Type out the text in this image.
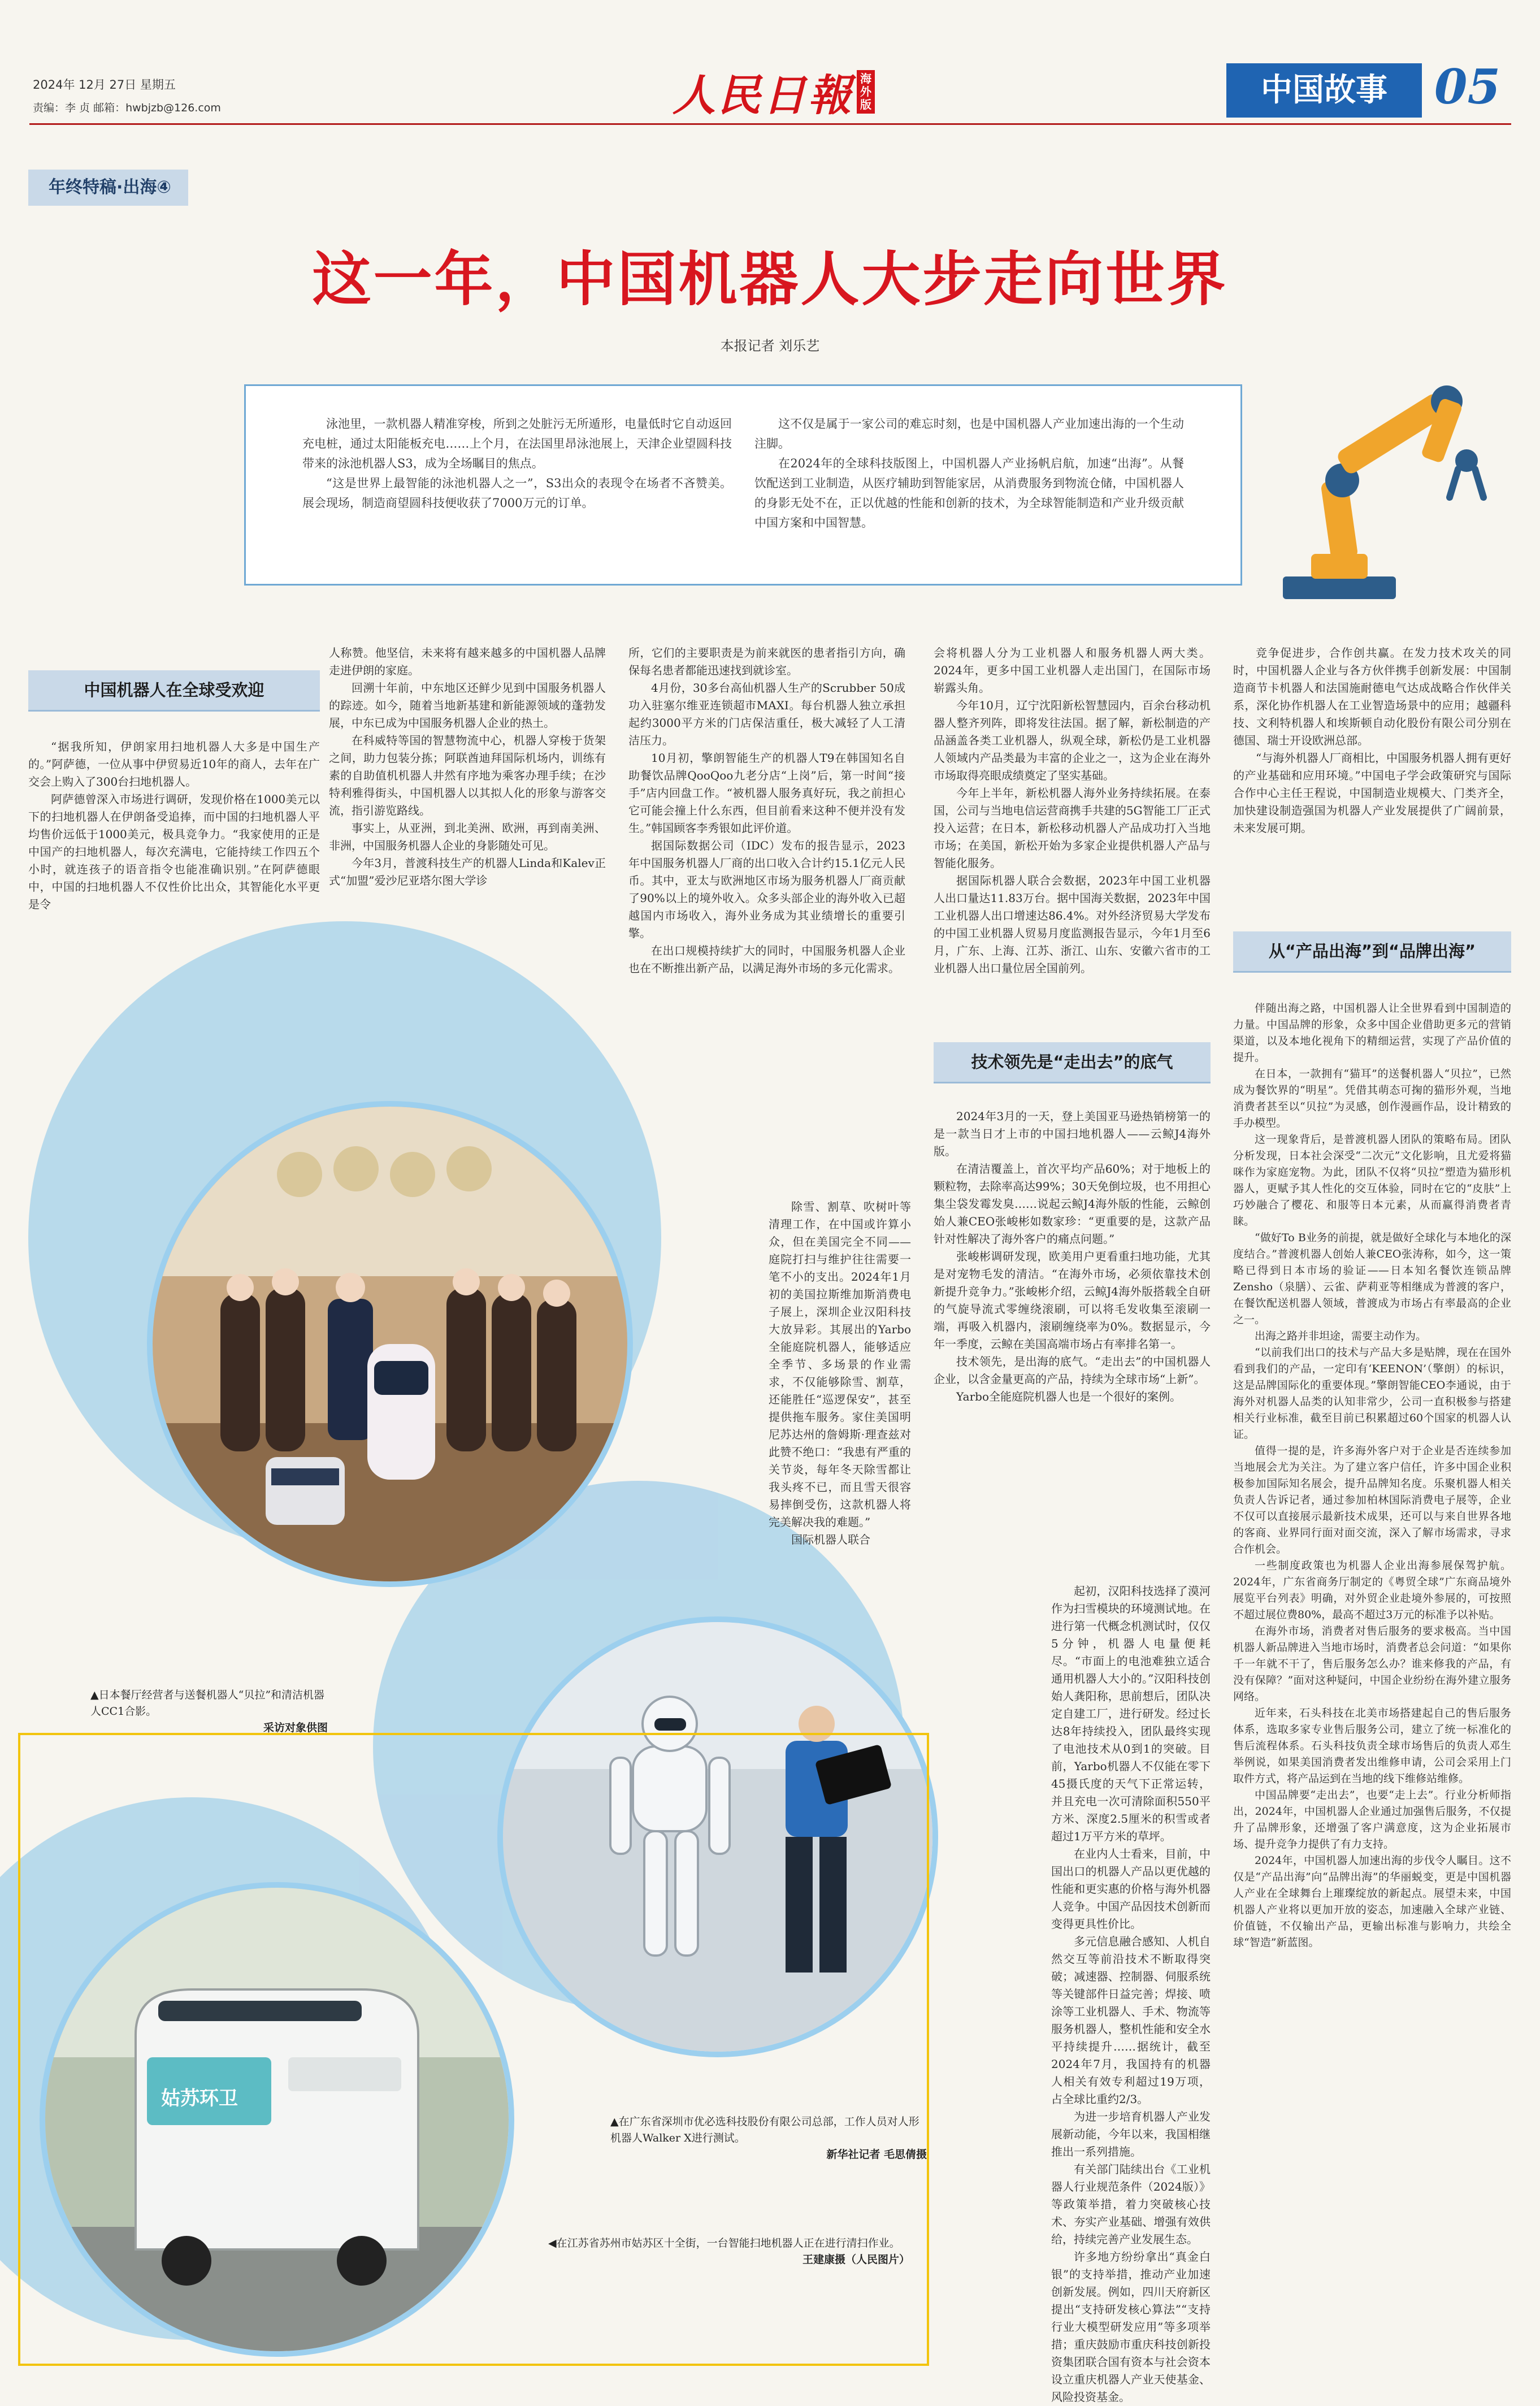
2024年 12月 27日 星期五
责编：李 贞 邮箱：hwbjzb@126.com	人民日報 海外版	中国故事 05
年终特稿·出海④
这一年，中国机器人大步走向世界
本报记者 刘乐艺

泳池里，一款机器人精准穿梭，所到之处脏污无所遁形，电量低时它自动返回充电桩，通过太阳能板充电……上个月，在法国里昂泳池展上，天津企业望圆科技带来的泳池机器人S3，成为全场瞩目的焦点。

“这是世界上最智能的泳池机器人之一”，S3出众的表现令在场者不吝赞美。展会现场，制造商望圆科技便收获了7000万元的订单。

这不仅是属于一家公司的难忘时刻，也是中国机器人产业加速出海的一个生动注脚。

在2024年的全球科技版图上，中国机器人产业扬帆启航，加速“出海”。从餐饮配送到工业制造，从医疗辅助到智能家居，从消费服务到物流仓储，中国机器人的身影无处不在，正以优越的性能和创新的技术，为全球智能制造和产业升级贡献中国方案和中国智慧。

姑苏环卫
▲日本餐厅经营者与送餐机器人“贝拉”和清洁机器人CC1合影。
采访对象供图
▲在广东省深圳市优必选科技股份有限公司总部，工作人员对人形机器人Walker X进行测试。
新华社记者 毛思倩摄
◀在江苏省苏州市姑苏区十全街，一台智能扫地机器人正在进行清扫作业。
王建康摄（人民图片）
中国机器人在全球受欢迎

“据我所知，伊朗家用扫地机器人大多是中国生产的。”阿萨德，一位从事中伊贸易近10年的商人，去年在广交会上购入了300台扫地机器人。

阿萨德曾深入市场进行调研，发现价格在1000美元以下的扫地机器人在伊朗备受追捧，而中国的扫地机器人平均售价远低于1000美元，极具竞争力。“我家使用的正是中国产的扫地机器人，每次充满电，它能持续工作四五个小时，就连孩子的语音指令也能准确识别。”在阿萨德眼中，中国的扫地机器人不仅性价比出众，其智能化水平更是令

人称赞。他坚信，未来将有越来越多的中国机器人品牌走进伊朗的家庭。

回溯十年前，中东地区还鲜少见到中国服务机器人的踪迹。如今，随着当地新基建和新能源领域的蓬勃发展，中东已成为中国服务机器人企业的热土。

在科威特等国的智慧物流中心，机器人穿梭于货架之间，助力包装分拣；阿联酋迪拜国际机场内，训练有素的自助值机机器人井然有序地为乘客办理手续；在沙特利雅得街头，中国机器人以其拟人化的形象与游客交流，指引游览路线。

事实上，从亚洲，到北美洲、欧洲，再到南美洲、非洲，中国服务机器人企业的身影随处可见。

今年3月，普渡科技生产的机器人Linda和Kalev正式“加盟”爱沙尼亚塔尔图大学诊

所，它们的主要职责是为前来就医的患者指引方向，确保每名患者都能迅速找到就诊室。

4月份，30多台高仙机器人生产的Scrubber 50成功入驻塞尔维亚连锁超市MAXI。每台机器人独立承担起约3000平方米的门店保洁重任，极大减轻了人工清洁压力。

10月初，擎朗智能生产的机器人T9在韩国知名自助餐饮品牌QooQoo九老分店“上岗”后，第一时间“接手”店内回盘工作。“被机器人服务真好玩，我之前担心它可能会撞上什么东西，但目前看来这种不便并没有发生。”韩国顾客李秀银如此评价道。

据国际数据公司（IDC）发布的报告显示，2023年中国服务机器人厂商的出口收入合计约15.1亿元人民币。其中，亚太与欧洲地区市场为服务机器人厂商贡献了90%以上的境外收入。众多头部企业的海外收入已超越国内市场收入，海外业务成为其业绩增长的重要引擎。

在出口规模持续扩大的同时，中国服务机器人企业也在不断推出新产品，以满足海外市场的多元化需求。

除雪、割草、吹树叶等清理工作，在中国或许算小众，但在美国完全不同——庭院打扫与维护往往需要一笔不小的支出。2024年1月初的美国拉斯维加斯消费电子展上，深圳企业汉阳科技大放异彩。其展出的Yarbo全能庭院机器人，能够适应全季节、多场景的作业需求，不仅能够除雪、割草，还能胜任“巡逻保安”，甚至提供拖车服务。家住美国明尼苏达州的詹姆斯·理查兹对此赞不绝口：“我患有严重的关节炎，每年冬天除雪都让我头疼不已，而且雪天很容易摔倒受伤，这款机器人将完美解决我的难题。”

国际机器人联合

会将机器人分为工业机器人和服务机器人两大类。2024年，更多中国工业机器人走出国门，在国际市场崭露头角。

今年10月，辽宁沈阳新松智慧园内，百余台移动机器人整齐列阵，即将发往法国。据了解，新松制造的产品涵盖各类工业机器人，纵观全球，新松仍是工业机器人领域内产品类最为丰富的企业之一，这为企业在海外市场取得亮眼成绩奠定了坚实基础。

今年上半年，新松机器人海外业务持续拓展。在泰国，公司与当地电信运营商携手共建的5G智能工厂正式投入运营；在日本，新松移动机器人产品成功打入当地市场；在美国，新松开始为多家企业提供机器人产品与智能化服务。

据国际机器人联合会数据，2023年中国工业机器人出口量达11.83万台。据中国海关数据，2023年中国工业机器人出口增速达86.4%。对外经济贸易大学发布的中国工业机器人贸易月度监测报告显示，今年1月至6月，广东、上海、江苏、浙江、山东、安徽六省市的工业机器人出口量位居全国前列。

技术领先是“走出去”的底气

2024年3月的一天，登上美国亚马逊热销榜第一的是一款当日才上市的中国扫地机器人——云鲸J4海外版。

在清洁覆盖上，首次平均产品60%；对于地板上的颗粒物，去除率高达99%；30天免倒垃圾，也不用担心集尘袋发霉发臭……说起云鲸J4海外版的性能，云鲸创始人兼CEO张峻彬如数家珍：“更重要的是，这款产品针对性解决了海外客户的痛点问题。”

张峻彬调研发现，欧美用户更看重扫地功能，尤其是对宠物毛发的清洁。“在海外市场，必须依靠技术创新提升竞争力。”张峻彬介绍，云鲸J4海外版搭载全自研的气旋导流式零缠绕滚刷，可以将毛发收集至滚刷一端，再吸入机器内，滚刷缠绕率为0%。数据显示，今年一季度，云鲸在美国高端市场占有率排名第一。

技术领先，是出海的底气。“走出去”的中国机器人企业，以含金量更高的产品，持续为全球市场“上新”。

Yarbo全能庭院机器人也是一个很好的案例。

起初，汉阳科技选择了漠河作为扫雪模块的环境测试地。在进行第一代概念机测试时，仅仅5分钟，机器人电量便耗尽。“市面上的电池难独立适合通用机器人大小的。”汉阳科技创始人龚阳称，思前想后，团队决定自建工厂，进行研发。经过长达8年持续投入，团队最终实现了电池技术从0到1的突破。目前，Yarbo机器人不仅能在零下45摄氏度的天气下正常运转，并且充电一次可清除面积550平方米、深度2.5厘米的积雪或者超过1万平方米的草坪。

在业内人士看来，目前，中国出口的机器人产品以更优越的性能和更实惠的价格与海外机器人竞争。中国产品因技术创新而变得更具性价比。

多元信息融合感知、人机自然交互等前沿技术不断取得突破；减速器、控制器、伺服系统等关键部件日益完善；焊接、喷涂等工业机器人、手术、物流等服务机器人，整机性能和安全水平持续提升……据统计，截至2024年7月，我国持有的机器人相关有效专利超过19万项，占全球比重约2/3。

为进一步培育机器人产业发展新动能，今年以来，我国相继推出一系列措施。

有关部门陆续出台《工业机器人行业规范条件（2024版）》等政策举措，着力突破核心技术、夯实产业基础、增强有效供给，持续完善产业发展生态。

许多地方纷纷拿出“真金白银”的支持举措，推动产业加速创新发展。例如，四川天府新区提出“支持研发核心算法”“支持行业大模型研发应用”等多项举措；重庆鼓励市重庆科技创新投资集团联合国有资本与社会资本设立重庆机器人产业天使基金、风险投资基金。

竞争促进步，合作创共赢。在发力技术攻关的同时，中国机器人企业与各方伙伴携手创新发展：中国制造商节卡机器人和法国施耐德电气达成战略合作伙伴关系，深化协作机器人在工业智造场景中的应用；越疆科技、文利特机器人和埃斯顿自动化股份有限公司分别在德国、瑞士开设欧洲总部。

“与海外机器人厂商相比，中国服务机器人拥有更好的产业基础和应用环境。”中国电子学会政策研究与国际合作中心主任王程说，中国制造业规模大、门类齐全，加快建设制造强国为机器人产业发展提供了广阔前景，未来发展可期。

从“产品出海”到“品牌出海”

伴随出海之路，中国机器人让全世界看到中国制造的力量。中国品牌的形象，众多中国企业借助更多元的营销渠道，以及本地化视角下的精细运营，实现了产品价值的提升。

在日本，一款拥有“猫耳”的送餐机器人“贝拉”，已然成为餐饮界的“明星”。凭借其萌态可掬的猫形外观，当地消费者甚至以“贝拉”为灵感，创作漫画作品，设计精致的手办模型。

这一现象背后，是普渡机器人团队的策略布局。团队分析发现，日本社会深受“二次元”文化影响，且尤爱将猫咪作为家庭宠物。为此，团队不仅将“贝拉”塑造为猫形机器人，更赋予其人性化的交互体验，同时在它的“皮肤”上巧妙融合了樱花、和服等日本元素，从而赢得消费者青睐。

“做好To B业务的前提，就是做好全球化与本地化的深度结合。”普渡机器人创始人兼CEO张涛称，如今，这一策略已得到日本市场的验证——日本知名餐饮连锁品牌Zensho（泉膳）、云雀、萨莉亚等相继成为普渡的客户，在餐饮配送机器人领域，普渡成为市场占有率最高的企业之一。

出海之路并非坦途，需要主动作为。

“以前我们出口的技术与产品大多是贴牌，现在在国外看到我们的产品，一定印有‘KEENON’（擎朗）的标识，这是品牌国际化的重要体现。”擎朗智能CEO李通说，由于海外对机器人品类的认知非常少，公司一直积极参与搭建相关行业标准，截至目前已积累超过60个国家的机器人认证。

值得一提的是，许多海外客户对于企业是否连续参加当地展会尤为关注。为了建立客户信任，许多中国企业积极参加国际知名展会，提升品牌知名度。乐聚机器人相关负责人告诉记者，通过参加柏林国际消费电子展等，企业不仅可以直接展示最新技术成果，还可以与来自世界各地的客商、业界同行面对面交流，深入了解市场需求，寻求合作机会。

一些制度政策也为机器人企业出海参展保驾护航。2024年，广东省商务厅制定的《粤贸全球”广东商品境外展览平台列表》明确，对外贸企业赴境外参展的，可按照不超过展位费80%，最高不超过3万元的标准予以补贴。

在海外市场，消费者对售后服务的要求极高。当中国机器人新品牌进入当地市场时，消费者总会问道：“如果你千一年就不干了，售后服务怎么办？谁来修我的产品，有没有保障？”面对这种疑问，中国企业纷纷在海外建立服务网络。

近年来，石头科技在北美市场搭建起自己的售后服务体系，选取多家专业售后服务公司，建立了统一标准化的售后流程体系。石头科技负责全球市场售后的负责人邓生举例说，如果美国消费者发出维修申请，公司会采用上门取件方式，将产品运到在当地的线下维修站维修。

中国品牌要“走出去”，也要“走上去”。行业分析师指出，2024年，中国机器人企业通过加强售后服务，不仅提升了品牌形象，还增强了客户满意度，这为企业拓展市场、提升竞争力提供了有力支持。

2024年，中国机器人加速出海的步伐令人瞩目。这不仅是“产品出海”向“品牌出海”的华丽蜕变，更是中国机器人产业在全球舞台上璀璨绽放的新起点。展望未来，中国机器人产业将以更加开放的姿态，加速融入全球产业链、价值链，不仅输出产品，更输出标准与影响力，共绘全球“智造”新蓝图。
